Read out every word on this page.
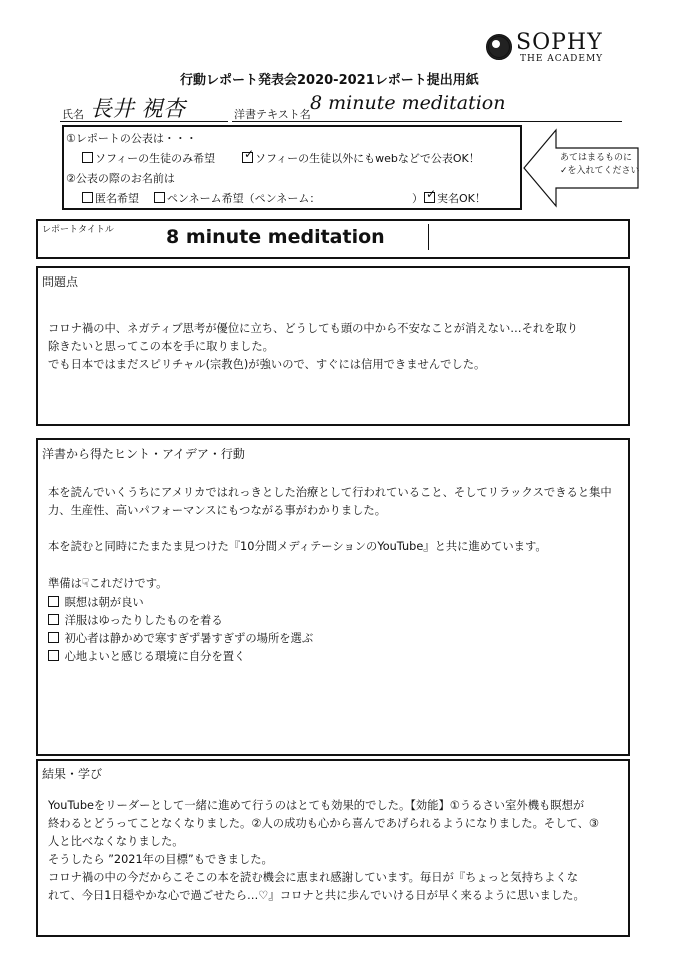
SOPHY
THE ACADEMY
行動レポート発表会2020-2021レポート提出用紙
氏名 長井 視杏	洋書テキスト名
8 minute meditation
①レポートの公表は・・・
ソフィーの生徒のみ希望 ✓ ソフィーの生徒以外にもwebなどで公表OK！
②公表の際のお名前は
匿名希望	ペンネーム希望（ペンネーム：	） ✓ 実名OK！
あてはまるものに
✓を入れてください
レポートタイトル	8 minute meditation
問題点
コロナ禍の中、ネガティブ思考が優位に立ち、どうしても頭の中から不安なことが消えない…それを取り
除きたいと思ってこの本を手に取りました。
でも日本ではまだスピリチャル(宗教色)が強いので、すぐには信用できませんでした。
洋書から得たヒント・アイデア・行動
本を読んでいくうちにアメリカではれっきとした治療として行われていること、そしてリラックスできると集中
力、生産性、高いパフォーマンスにもつながる事がわかりました。
本を読むと同時にたまたま見つけた『10分間メディテーションのYouTube』と共に進めています。
準備は☟これだけです。
瞑想は朝が良い
洋服はゆったりしたものを着る
初心者は静かめで寒すぎず暑すぎずの場所を選ぶ
心地よいと感じる環境に自分を置く
結果・学び
YouTubeをリーダーとして一緒に進めて行うのはとても効果的でした。【効能】①うるさい室外機も瞑想が
終わるとどうってことなくなりました。②人の成功も心から喜んであげられるようになりました。そして、③
人と比べなくなりました。
そうしたら ”2021年の目標”もできました。
コロナ禍の中の今だからこそこの本を読む機会に恵まれ感謝しています。毎日が『ちょっと気持ちよくな
れて、今日1日穏やかな心で過ごせたら…♡』コロナと共に歩んでいける日が早く来るように思いました。
